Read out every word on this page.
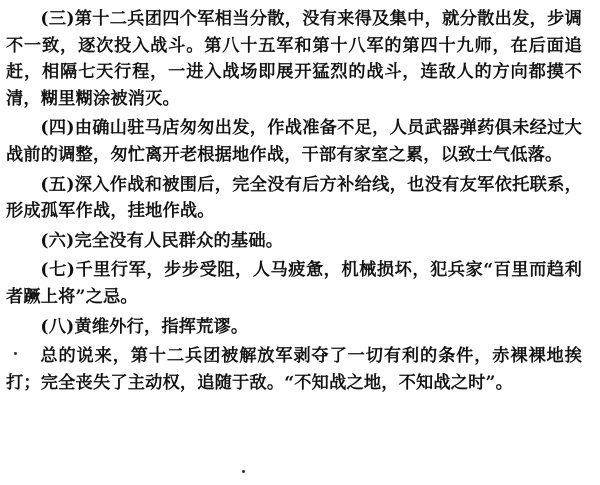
(三)第十二兵团四个军相当分散，没有来得及集中，就分散出发，步调不一致，逐次投入战斗。第八十五军和第十八军的第四十九师，在后面追赶，相隔七天行程，一进入战场即展开猛烈的战斗，连敌人的方向都摸不清，糊里糊涂被消灭。

(四)由确山驻马店匆匆出发，作战准备不足，人员武器弹药俱未经过大战前的调整，匆忙离开老根据地作战，干部有家室之累，以致士气低落。

(五)深入作战和被围后，完全没有后方补给线，也没有友军依托联系，形成孤军作战，挂地作战。

(六)完全没有人民群众的基础。

(七)千里行军，步步受阻，人马疲惫，机械损坏，犯兵家“百里而趋利者蹶上将”之忌。

(八)黄维外行，指挥荒谬。

总的说来，第十二兵团被解放军剥夺了一切有利的条件，赤裸裸地挨打；完全丧失了主动权，追随于敌。“不知战之地，不知战之时”。
